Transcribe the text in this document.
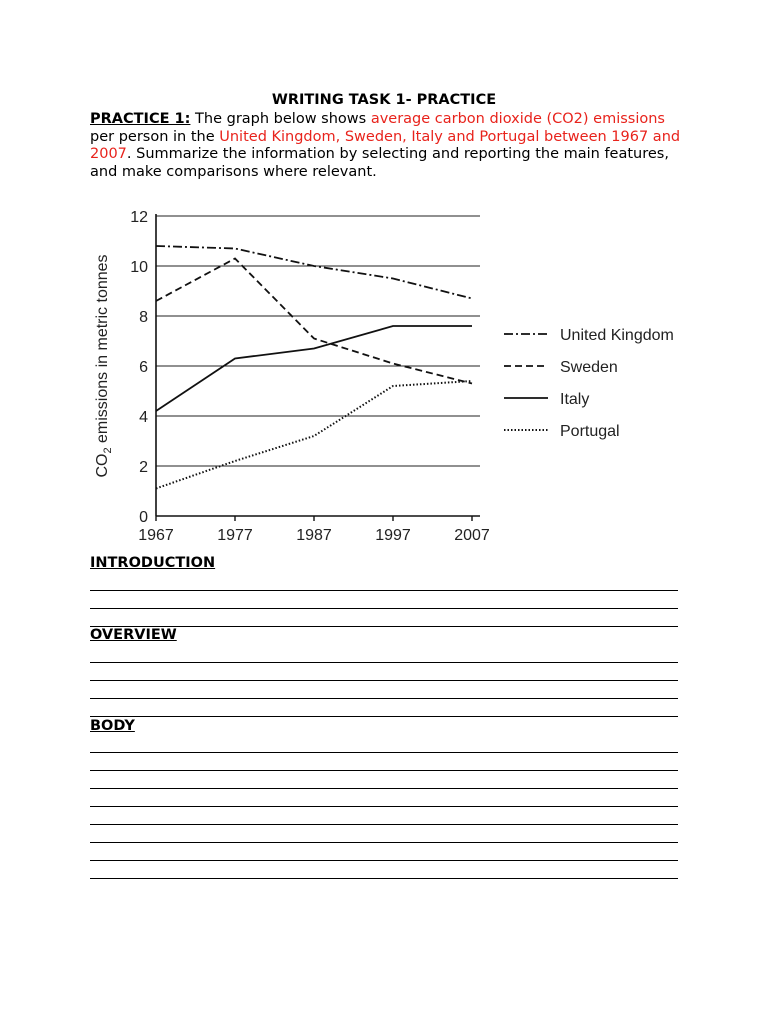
WRITING TASK 1- PRACTICE
PRACTICE 1: The graph below shows average carbon dioxide (CO2) emissions per person in the United Kingdom, Sweden, Italy and Portugal between 1967 and 2007. Summarize the information by selecting and reporting the main features, and make comparisons where relevant.
0
2
4
6
8
10
12
1967	1977	1987	1997	2007
$CO_2$ emissions in metric tonnes	United Kingdom
Sweden
Italy
Portugal
INTRODUCTION
OVERVIEW
BODY
